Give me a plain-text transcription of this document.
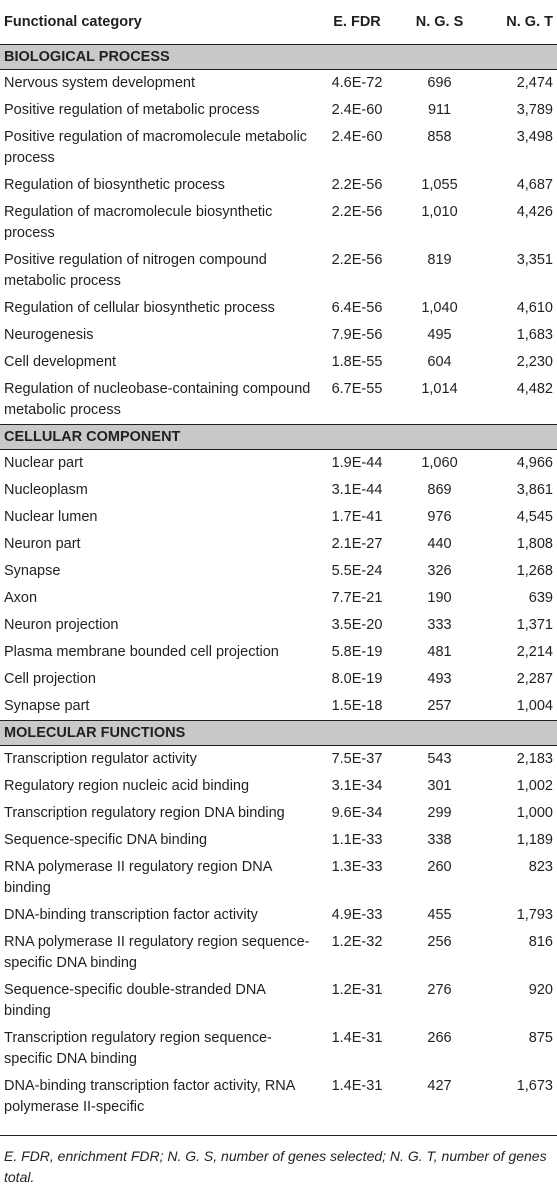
Functional category	E. FDR	N. G. S	N. G. T
BIOLOGICAL PROCESS			
Nervous system development	4.6E-72	696	2,474
Positive regulation of metabolic process	2.4E-60	911	3,789
Positive regulation of macromolecule metabolic process	2.4E-60	858	3,498
Regulation of biosynthetic process	2.2E-56	1,055	4,687
Regulation of macromolecule biosynthetic process	2.2E-56	1,010	4,426
Positive regulation of nitrogen compound metabolic process	2.2E-56	819	3,351
Regulation of cellular biosynthetic process	6.4E-56	1,040	4,610
Neurogenesis	7.9E-56	495	1,683
Cell development	1.8E-55	604	2,230
Regulation of nucleobase-containing compound metabolic process	6.7E-55	1,014	4,482
CELLULAR COMPONENT			
Nuclear part	1.9E-44	1,060	4,966
Nucleoplasm	3.1E-44	869	3,861
Nuclear lumen	1.7E-41	976	4,545
Neuron part	2.1E-27	440	1,808
Synapse	5.5E-24	326	1,268
Axon	7.7E-21	190	639
Neuron projection	3.5E-20	333	1,371
Plasma membrane bounded cell projection	5.8E-19	481	2,214
Cell projection	8.0E-19	493	2,287
Synapse part	1.5E-18	257	1,004
MOLECULAR FUNCTIONS			
Transcription regulator activity	7.5E-37	543	2,183
Regulatory region nucleic acid binding	3.1E-34	301	1,002
Transcription regulatory region DNA binding	9.6E-34	299	1,000
Sequence-specific DNA binding	1.1E-33	338	1,189
RNA polymerase II regulatory region DNA binding	1.3E-33	260	823
DNA-binding transcription factor activity	4.9E-33	455	1,793
RNA polymerase II regulatory region sequence-specific DNA binding	1.2E-32	256	816
Sequence-specific double-stranded DNA binding	1.2E-31	276	920
Transcription regulatory region sequence-specific DNA binding	1.4E-31	266	875
DNA-binding transcription factor activity, RNA polymerase II-specific	1.4E-31	427	1,673
E. FDR, enrichment FDR; N. G. S, number of genes selected; N. G. T, number of genes total.
